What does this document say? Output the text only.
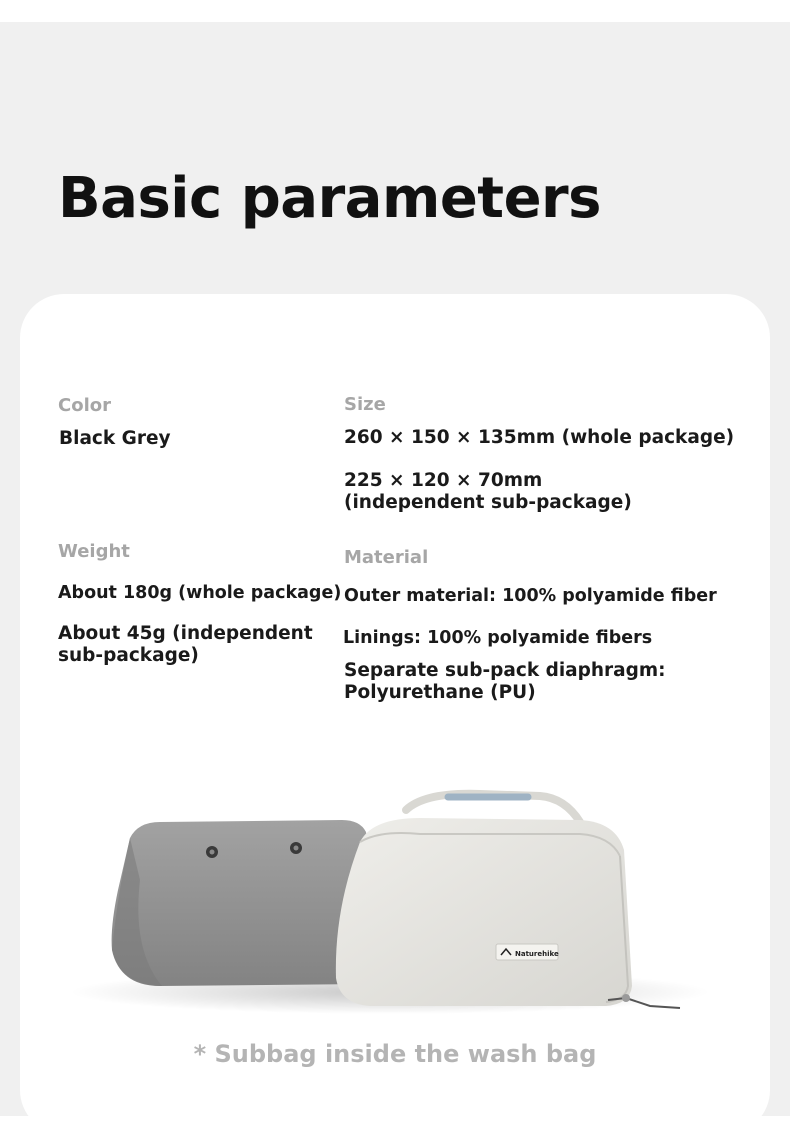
Basic parameters
Color
Black Grey
Size
260 × 150 × 135mm (whole package)
225 × 120 × 70mm
(independent sub-package)
Weight
About 180g (whole package)
About 45g (independent
sub-package)
Material
Outer material: 100% polyamide fiber
Linings: 100% polyamide fibers
Separate sub-pack diaphragm:
Polyurethane (PU)
Naturehike
* Subbag inside the wash bag
